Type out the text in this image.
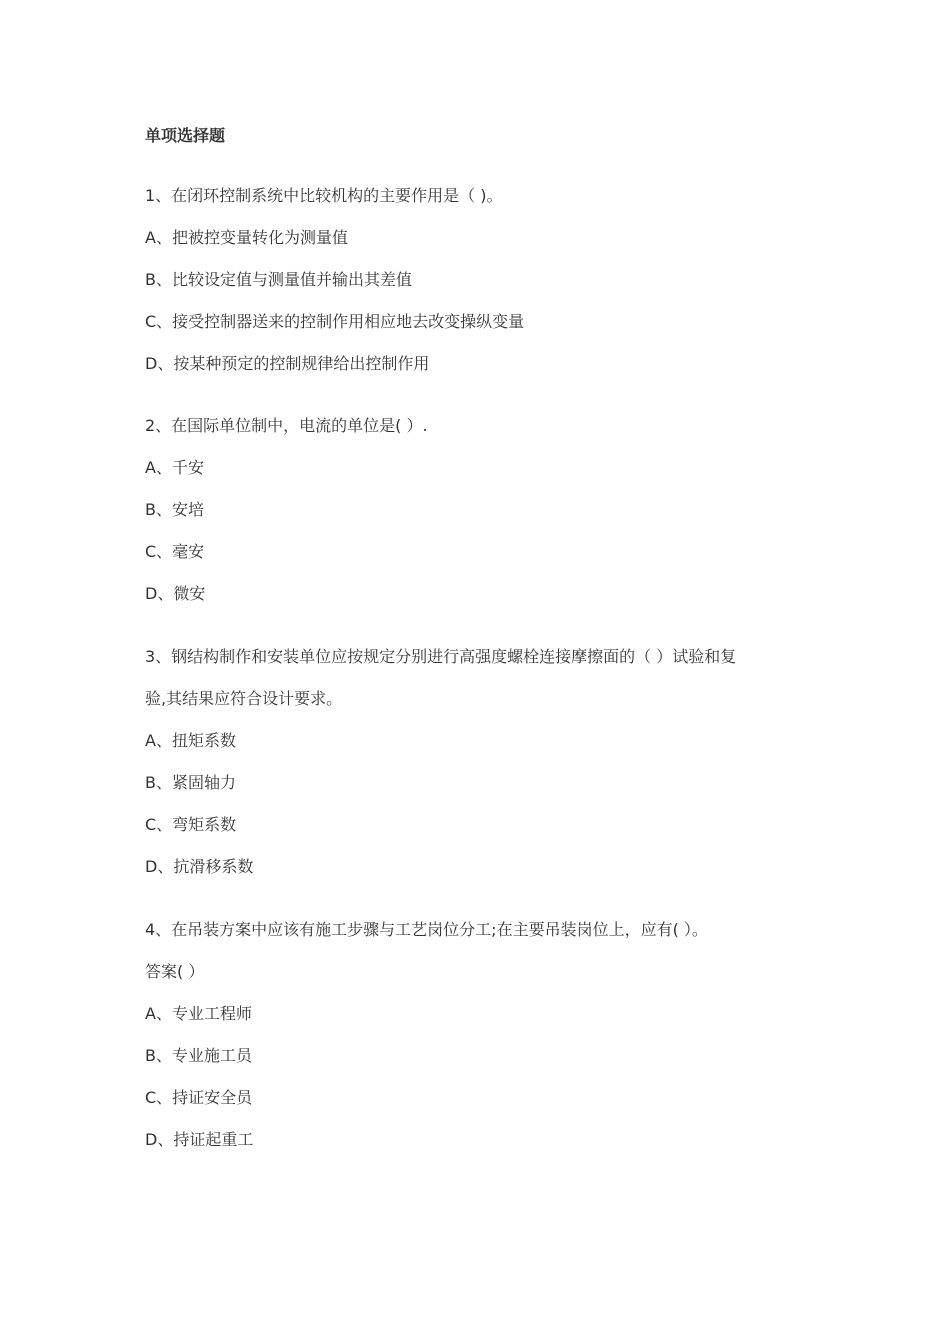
单项选择题
1、在闭环控制系统中比较机构的主要作用是（ )。
A、把被控变量转化为测量值
B、比较设定值与测量值并输出其差值
C、接受控制器送来的控制作用相应地去改变操纵变量
D、按某种预定的控制规律给出控制作用
2、在国际单位制中，电流的单位是( ）.
A、千安
B、安培
C、毫安
D、微安
3、钢结构制作和安装单位应按规定分别进行高强度螺栓连接摩擦面的（ ）试验和复
验,其结果应符合设计要求。
A、扭矩系数
B、紧固轴力
C、弯矩系数
D、抗滑移系数
4、在吊装方案中应该有施工步骤与工艺岗位分工;在主要吊装岗位上，应有( ）。
答案( ）
A、专业工程师
B、专业施工员
C、持证安全员
D、持证起重工
